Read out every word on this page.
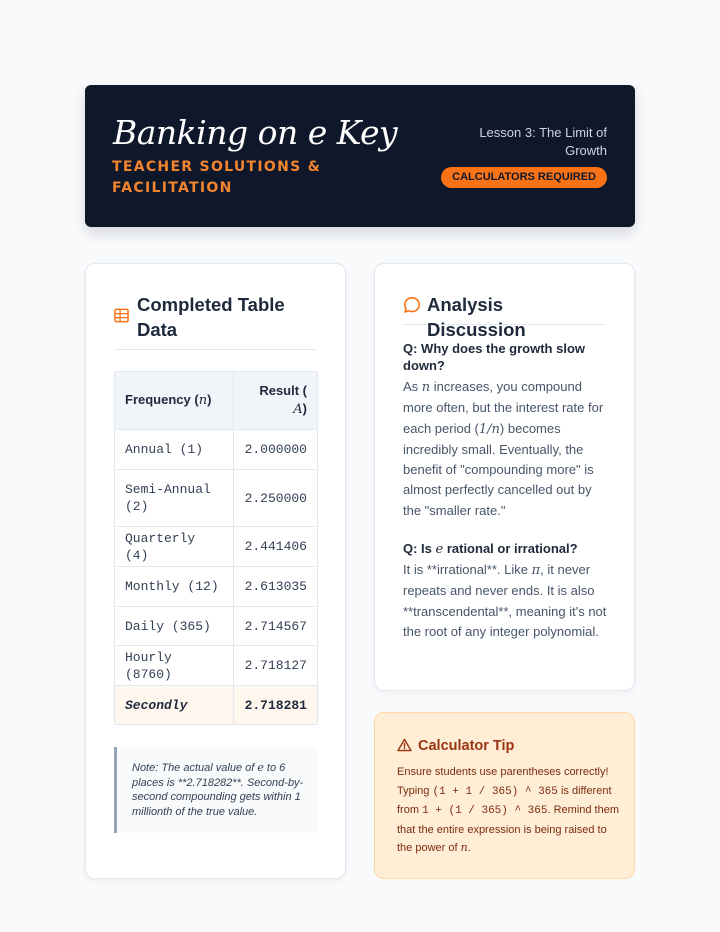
Banking on e Key
TEACHER SOLUTIONS & FACILITATION
Lesson 3: The Limit of Growth
CALCULATORS REQUIRED
Completed Table Data
Frequency (n)	Result (
A)
Annual (1)	2.000000
Semi-Annual (2)	2.250000
Quarterly (4)	2.441406
Monthly (12)	2.613035
Daily (365)	2.714567
Hourly (8760)	2.718127
Secondly	2.718281
Note: The actual value of e to 6 places is **2.718282**. Second-by-second compounding gets within 1 millionth of the true value.
Analysis Discussion
Q: Why does the growth slow down?
As n increases, you compound more often, but the interest rate for each period (1/n) becomes incredibly small. Eventually, the benefit of "compounding more" is almost perfectly cancelled out by the "smaller rate."
Q: Is e rational or irrational?
It is **irrational**. Like π, it never repeats and never ends. It is also **transcendental**, meaning it's not the root of any integer polynomial.
Calculator Tip
Ensure students use parentheses correctly! Typing (1 + 1 / 365) ^ 365 is different from 1 + (1 / 365) ^ 365. Remind them that the entire expression is being raised to the power of n.
